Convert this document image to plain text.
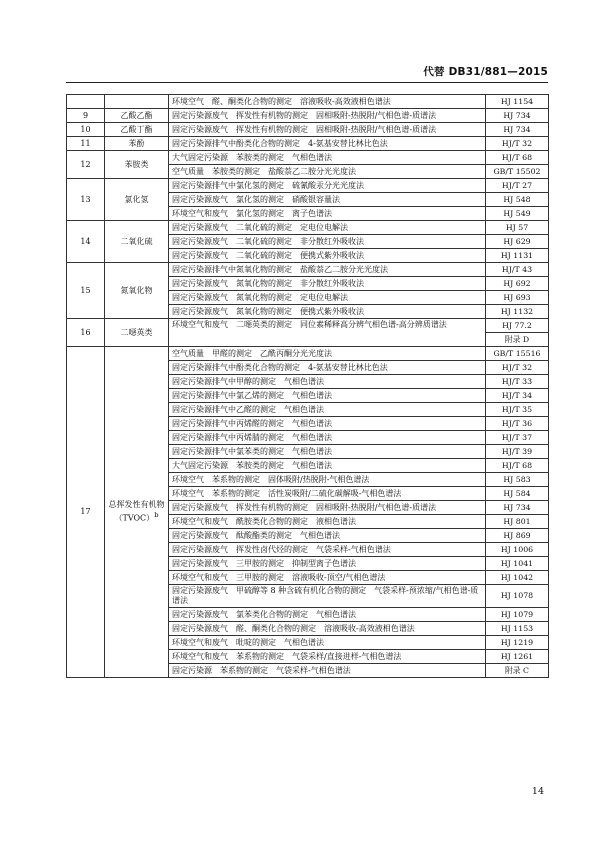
代替 DB31/881—2015
		环境空气　醛、酮类化合物的测定　溶液吸收-高效液相色谱法	HJ 1154
9	乙酸乙酯	固定污染源废气　挥发性有机物的测定　固相吸附-热脱附/气相色谱-质谱法	HJ 734
10	乙酸丁酯	固定污染源废气　挥发性有机物的测定　固相吸附-热脱附/气相色谱-质谱法	HJ 734
11	苯酚	固定污染源排气中酚类化合物的测定　4-氨基安替比林比色法	HJ/T 32
12	苯胺类	大气固定污染源　苯胺类的测定　气相色谱法	HJ/T 68
		空气质量　苯胺类的测定　盐酸萘乙二胺分光光度法	GB/T 15502
13	氯化氢	固定污染源排气中氯化氢的测定　硫氰酸汞分光光度法	HJ/T 27
		固定污染源废气　氯化氢的测定　硝酸银容量法	HJ 548
		环境空气和废气　氯化氢的测定　离子色谱法	HJ 549
14	二氧化硫	固定污染源废气　二氧化硫的测定　定电位电解法	HJ 57
		固定污染源废气　二氧化硫的测定　非分散红外吸收法	HJ 629
		固定污染源废气　二氧化硫的测定　便携式紫外吸收法	HJ 1131
15	氮氧化物	固定污染源排气中氮氧化物的测定　盐酸萘乙二胺分光光度法	HJ/T 43
		固定污染源废气　氮氧化物的测定　非分散红外吸收法	HJ 692
		固定污染源废气　氮氧化物的测定　定电位电解法	HJ 693
		固定污染源废气　氮氧化物的测定　便携式紫外吸收法	HJ 1132
16	二噁英类	环境空气和废气　二噁英类的测定　同位素稀释高分辨气相色谱-高分辨质谱法	HJ 77.2
			附录 D
17	总挥发性有机物（TVOC）$^b$	空气质量　甲醛的测定　乙酰丙酮分光光度法	GB/T 15516
		固定污染源排气中酚类化合物的测定　4-氨基安替比林比色法	HJ/T 32
		固定污染源排气中甲醇的测定　气相色谱法	HJ/T 33
		固定污染源排气中氯乙烯的测定　气相色谱法	HJ/T 34
		固定污染源排气中乙醛的测定　气相色谱法	HJ/T 35
		固定污染源排气中丙烯醛的测定　气相色谱法	HJ/T 36
		固定污染源排气中丙烯腈的测定　气相色谱法	HJ/T 37
		固定污染源排气中氯苯类的测定　气相色谱法	HJ/T 39
		大气固定污染源　苯胺类的测定　气相色谱法	HJ/T 68
		环境空气　苯系物的测定　固体吸附/热脱附-气相色谱法	HJ 583
		环境空气　苯系物的测定　活性炭吸附/二硫化碳解吸-气相色谱法	HJ 584
		固定污染源废气　挥发性有机物的测定　固相吸附-热脱附/气相色谱-质谱法	HJ 734
		环境空气和废气　酰胺类化合物的测定　液相色谱法	HJ 801
		固定污染源废气　酞酸酯类的测定　气相色谱法	HJ 869
		固定污染源废气　挥发性卤代烃的测定　气袋采样-气相色谱法	HJ 1006
		固定污染源废气　三甲胺的测定　抑制型离子色谱法	HJ 1041
		环境空气和废气　三甲胺的测定　溶液吸收-顶空/气相色谱法	HJ 1042
		固定污染源废气　甲硫醇等 8 种含硫有机化合物的测定　气袋采样-预浓缩/气相色谱-质谱法	HJ 1078
		固定污染源废气　氯苯类化合物的测定　气相色谱法	HJ 1079
		固定污染源废气　醛、酮类化合物的测定　溶液吸收-高效液相色谱法	HJ 1153
		环境空气和废气　吡啶的测定　气相色谱法	HJ 1219
		环境空气和废气　苯系物的测定　气袋采样/直接进样-气相色谱法	HJ 1261
		固定污染源　苯系物的测定　气袋采样-气相色谱法	附录 C
14
